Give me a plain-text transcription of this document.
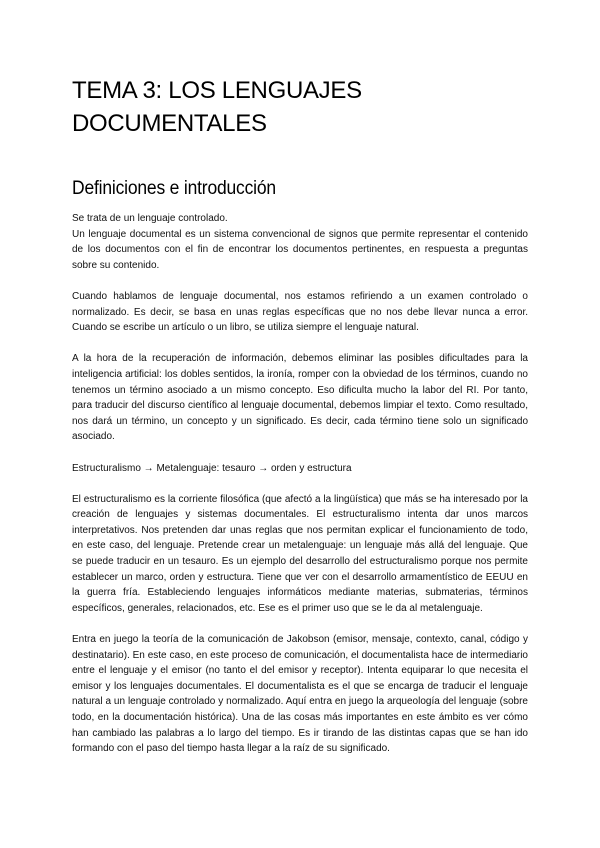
TEMA 3: LOS LENGUAJES DOCUMENTALES
Definiciones e introducción

Se trata de un lenguaje controlado.

Un lenguaje documental es un sistema convencional de signos que permite representar el contenido de los documentos con el fin de encontrar los documentos pertinentes, en respuesta a preguntas sobre su contenido.

Cuando hablamos de lenguaje documental, nos estamos refiriendo a un examen controlado o normalizado. Es decir, se basa en unas reglas específicas que no nos debe llevar nunca a error. Cuando se escribe un artículo o un libro, se utiliza siempre el lenguaje natural.

A la hora de la recuperación de información, debemos eliminar las posibles dificultades para la inteligencia artificial: los dobles sentidos, la ironía, romper con la obviedad de los términos, cuando no tenemos un término asociado a un mismo concepto. Eso dificulta mucho la labor del RI. Por tanto, para traducir del discurso científico al lenguaje documental, debemos limpiar el texto. Como resultado, nos dará un término, un concepto y un significado. Es decir, cada término tiene solo un significado asociado.

Estructuralismo → Metalenguaje: tesauro → orden y estructura

El estructuralismo es la corriente filosófica (que afectó a la lingüística) que más se ha interesado por la creación de lenguajes y sistemas documentales. El estructuralismo intenta dar unos marcos interpretativos. Nos pretenden dar unas reglas que nos permitan explicar el funcionamiento de todo, en este caso, del lenguaje. Pretende crear un metalenguaje: un lenguaje más allá del lenguaje. Que se puede traducir en un tesauro. Es un ejemplo del desarrollo del estructuralismo porque nos permite establecer un marco, orden y estructura. Tiene que ver con el desarrollo armamentístico de EEUU en la guerra fría. Estableciendo lenguajes informáticos mediante materias, submaterias, términos específicos, generales, relacionados, etc. Ese es el primer uso que se le da al metalenguaje.

Entra en juego la teoría de la comunicación de Jakobson (emisor, mensaje, contexto, canal, código y destinatario). En este caso, en este proceso de comunicación, el documentalista hace de intermediario entre el lenguaje y el emisor (no tanto el del emisor y receptor). Intenta equiparar lo que necesita el emisor y los lenguajes documentales. El documentalista es el que se encarga de traducir el lenguaje natural a un lenguaje controlado y normalizado. Aquí entra en juego la arqueología del lenguaje (sobre todo, en la documentación histórica). Una de las cosas más importantes en este ámbito es ver cómo han cambiado las palabras a lo largo del tiempo. Es ir tirando de las distintas capas que se han ido formando con el paso del tiempo hasta llegar a la raíz de su significado.
